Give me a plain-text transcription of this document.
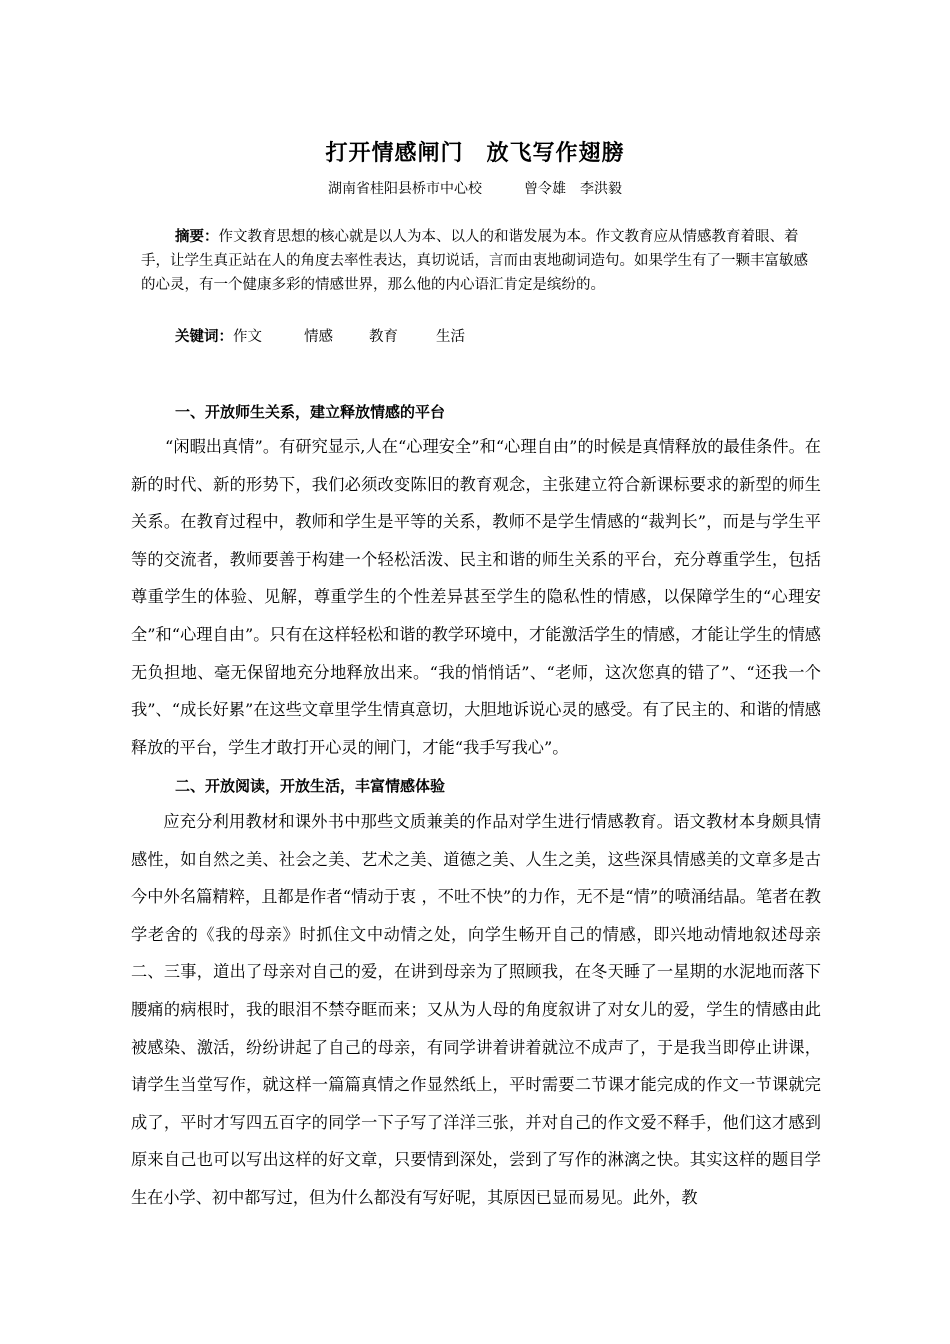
打开情感闸门　放飞写作翅膀
湖南省桂阳县桥市中心校　　　曾令雄　李洪毅
摘要：作文教育思想的核心就是以人为本、以人的和谐发展为本。作文教育应从情感教育着眼、着手，让学生真正站在人的角度去率性表达，真切说话，言而由衷地砌词造句。如果学生有了一颗丰富敏感的心灵，有一个健康多彩的情感世界，那么他的内心语汇肯定是缤纷的。
关键词：作文	情感 教育	生活
一、开放师生关系，建立释放情感的平台
“闲暇出真情”。有研究显示,人在“心理安全”和“心理自由”的时候是真情释放的最佳条件。在新的时代、新的形势下，我们必须改变陈旧的教育观念，主张建立符合新课标要求的新型的师生关系。在教育过程中，教师和学生是平等的关系，教师不是学生情感的“裁判长”，而是与学生平等的交流者，教师要善于构建一个轻松活泼、民主和谐的师生关系的平台，充分尊重学生，包括尊重学生的体验、见解，尊重学生的个性差异甚至学生的隐私性的情感，以保障学生的“心理安全”和“心理自由”。只有在这样轻松和谐的教学环境中，才能激活学生的情感，才能让学生的情感无负担地、毫无保留地充分地释放出来。“我的悄悄话”、“老师，这次您真的错了”、“还我一个我”、“成长好累”在这些文章里学生情真意切，大胆地诉说心灵的感受。有了民主的、和谐的情感释放的平台，学生才敢打开心灵的闸门，才能“我手写我心”。
二、开放阅读，开放生活，丰富情感体验
应充分利用教材和课外书中那些文质兼美的作品对学生进行情感教育。语文教材本身颇具情感性，如自然之美、社会之美、艺术之美、道德之美、人生之美，这些深具情感美的文章多是古今中外名篇精粹，且都是作者“情动于衷 ，不吐不快”的力作，无不是“情”的喷涌结晶。笔者在教学老舍的《我的母亲》时抓住文中动情之处，向学生畅开自己的情感，即兴地动情地叙述母亲二、三事，道出了母亲对自己的爱，在讲到母亲为了照顾我，在冬天睡了一星期的水泥地而落下腰痛的病根时，我的眼泪不禁夺眶而来；又从为人母的角度叙讲了对女儿的爱，学生的情感由此被感染、激活，纷纷讲起了自己的母亲，有同学讲着讲着就泣不成声了，于是我当即停止讲课，请学生当堂写作，就这样一篇篇真情之作显然纸上，平时需要二节课才能完成的作文一节课就完成了，平时才写四五百字的同学一下子写了洋洋三张，并对自己的作文爱不释手，他们这才感到原来自己也可以写出这样的好文章，只要情到深处，尝到了写作的淋漓之快。其实这样的题目学生在小学、初中都写过，但为什么都没有写好呢，其原因已显而易见。此外，教
